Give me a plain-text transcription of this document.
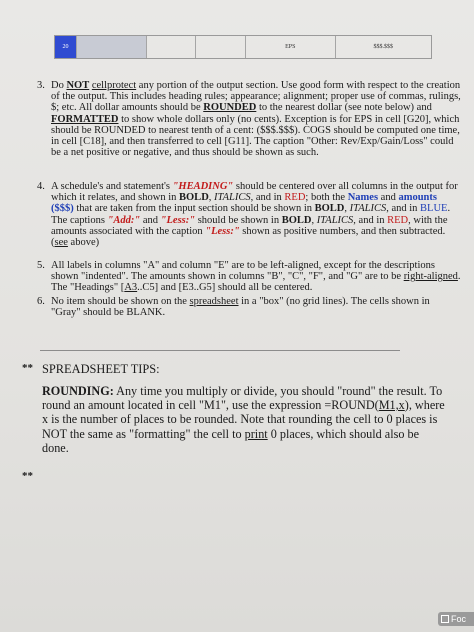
20	EPS	$$$.$$$
3. Do NOT cellprotect any portion of the output section. Use good form with respect to the creation of the output. This includes heading rules; appearance; alignment; proper use of commas, rulings, $; etc. All dollar amounts should be ROUNDED to the nearest dollar (see note below) and FORMATTED to show whole dollars only (no cents). Exception is for EPS in cell [G20], which should be ROUNDED to nearest tenth of a cent: ($$$.$$$). COGS should be computed one time, in cell [C18], and then transferred to cell [G11]. The caption "Other: Rev/Exp/Gain/Loss" could be a net positive or negative, and thus should be shown as such.

4. A schedule's and statement's "HEADING" should be centered over all columns in the output for which it relates, and shown in BOLD, ITALICS, and in RED; both the Names and amounts ($$$) that are taken from the input section should be shown in BOLD, ITALICS, and in BLUE. The captions "Add:" and "Less:" should be shown in BOLD, ITALICS, and in RED, with the amounts associated with the caption "Less:" shown as positive numbers, and then subtracted. (see above)

5. All labels in columns "A" and column "E" are to be left-aligned, except for the descriptions shown "indented". The amounts shown in columns "B", "C", "F", and "G" are to be right-aligned. The "Headings" [A3..C5] and [E3..G5] should all be centered.

6. No item should be shown on the spreadsheet in a "box" (no grid lines). The cells shown in "Gray" should be BLANK.

** SPREADSHEET TIPS:

ROUNDING: Any time you multiply or divide, you should "round" the result. To round an amount located in cell "M1", use the expression =ROUND(M1,x), where x is the number of places to be rounded. Note that rounding the cell to 0 places is NOT the same as "formatting" the cell to print 0 places, which should also be done.

**
Foc
